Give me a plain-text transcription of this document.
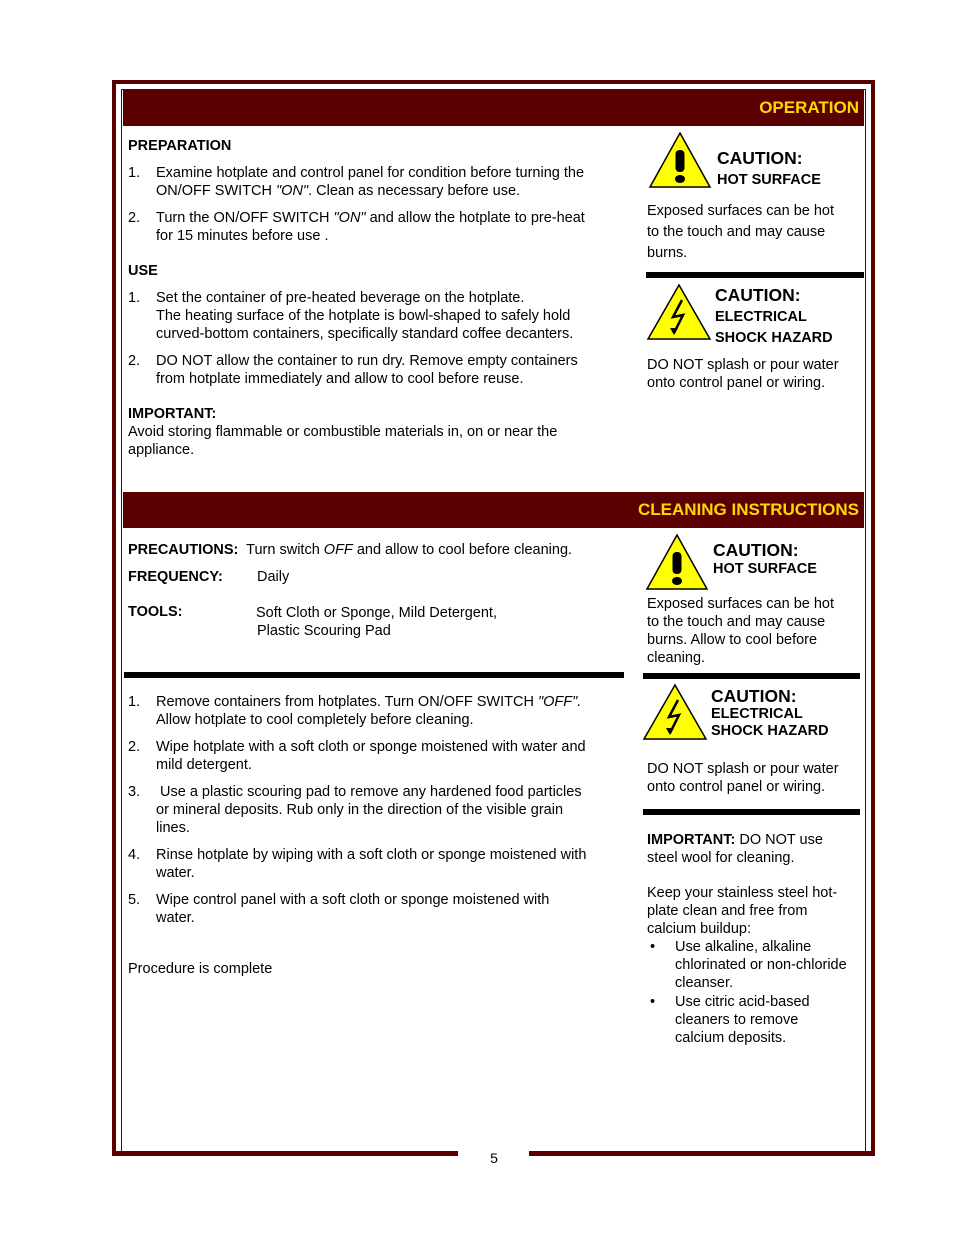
5
OPERATION
PREPARATION
1. Examine hotplate and control panel for condition before turning the
ON/OFF SWITCH "ON". Clean as necessary before use.
2. Turn the ON/OFF SWITCH "ON" and allow the hotplate to pre-heat
for 15 minutes before use .
USE
1. Set the container of pre-heated beverage on the hotplate.
The heating surface of the hotplate is bowl-shaped to safely hold
curved-bottom containers, specifically standard coffee decanters.
2. DO NOT allow the container to run dry. Remove empty containers
from hotplate immediately and allow to cool before reuse.
IMPORTANT:
Avoid storing flammable or combustible materials in, on or near the
appliance.
CAUTION:
HOT SURFACE
Exposed surfaces can be hot
to the touch and may cause
burns.
CAUTION:
ELECTRICAL
SHOCK HAZARD
DO NOT splash or pour water
onto control panel or wiring.
CLEANING INSTRUCTIONS
PRECAUTIONS:  Turn switch OFF and allow to cool before cleaning.
FREQUENCY: Daily
TOOLS:	Soft Cloth or Sponge, Mild Detergent,
Plastic Scouring Pad
1. Remove containers from hotplates. Turn ON/OFF SWITCH "OFF".
Allow hotplate to cool completely before cleaning.
2. Wipe hotplate with a soft cloth or sponge moistened with water and
mild detergent.
3. Use a plastic scouring pad to remove any hardened food particles
or mineral deposits. Rub only in the direction of the visible grain
lines.
4. Rinse hotplate by wiping with a soft cloth or sponge moistened with
water.
5. Wipe control panel with a soft cloth or sponge moistened with
water.
Procedure is complete
CAUTION:
HOT SURFACE
Exposed surfaces can be hot
to the touch and may cause
burns. Allow to cool before
cleaning.
CAUTION:
ELECTRICAL
SHOCK HAZARD
DO NOT splash or pour water
onto control panel or wiring.
IMPORTANT: DO NOT use
steel wool for cleaning.
Keep your stainless steel hot-
plate clean and free from
calcium buildup:
• Use alkaline, alkaline
chlorinated or non-chloride
cleanser.
• Use citric acid-based
cleaners to remove
calcium deposits.
